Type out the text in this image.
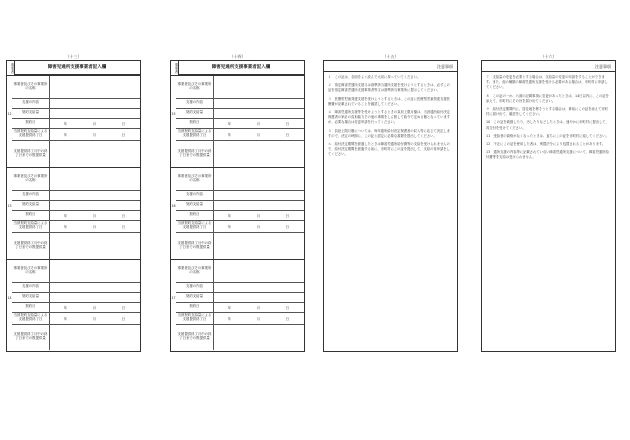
（十三）
事業者	障害児通所支援事業者記入欄
12
事業者及びその事業所の名称
支援の内容
契約支給量
契約日	年	月	日
当該契約支給量による支援提供終了日	年	月	日
支援提供終了月中の終了日までの既提供量
13
事業者及びその事業所の名称
支援の内容
契約支給量
契約日	年	月	日
当該契約支給量による支援提供終了日	年	月	日
支援提供終了月中の終了日までの既提供量
14
事業者及びその事業所の名称
支援の内容
契約支給量
契約日	年	月	日
当該契約支給量による支援提供終了日	年	月	日
支援提供終了月中の終了日までの既提供量
（十四）
事業者	障害児通所支援事業者記入欄
15
事業者及びその事業所の名称
支援の内容
契約支給量
契約日	年	月	日
当該契約支給量による支援提供終了日	年	月	日
支援提供終了月中の終了日までの既提供量
16
事業者及びその事業所の名称
支援の内容
契約支給量
契約日	年	月	日
当該契約支給量による支援提供終了日	年	月	日
支援提供終了月中の終了日までの既提供量
17
事業者及びその事業所の名称
支援の内容
契約支給量
契約日	年	月	日
当該契約支給量による支援提供終了日	年	月	日
支援提供終了月中の終了日までの既提供量
（十五）
注意事項

１　この証は、各面をよく読んで大切に持っていてください。

２　指定障害児通所支援又は基準該当通所支援を受けようとするときは、必ずこの証を指定障害児通所支援事業者等又は基準該当事業所に提示してください。

３　医療型児童発達支援を受けようとするときは、この証に医療型児童発達支援医療費が記載されていることを確認してください。

４　障害児通所支援等を受けようとするときの負担上限月額は、当該通所給付決定保護者の家計の負担能力その他の事情をしん酌して政令で定める額となっていますが、必要な場合は変更申請を行ってください。

５　負担上限月額については、毎年通所給付決定保護者の収入等に応じて決定しますので、決定の時期に、この証と認定に必要な書類を提出してください。

６　給付決定期間を経過したときは障害児通所給付費等の支給を受けられませんので、給付決定期間を経過する前に、市町村にこの証を提出して、支給の再申請をしてください。

（十六）
注意事項

７　支給量の変更を必要とする場合は、支給量の変更の申請をすることができます。また、他の種類の障害児通所支援を受ける必要がある場合は、市町村に申請してください。

８　この証の一か、六面の記載事項に変更があったときは、14日以内に、この証を添えて、市町村にその旨を届け出てください。

９　給付決定期間内に、居住地を移そうとする場合は、事前にこの証を添えて市町村に届け出て、確認をしてください。

10　この証を破損したり、汚したりなどしたときは、速やかに市町村に提出して、再交付を受けてください。

11　受給者の資格がなくなったときは、直ちにこの証を市町村に返してください。

12　不正にこの証を使用した者は、刑罰法令により処罰されることがあります。

13　通所支援の内容等に記載されていない障害児通所支援について、障害児通所給付費等を支給は受けられません。
